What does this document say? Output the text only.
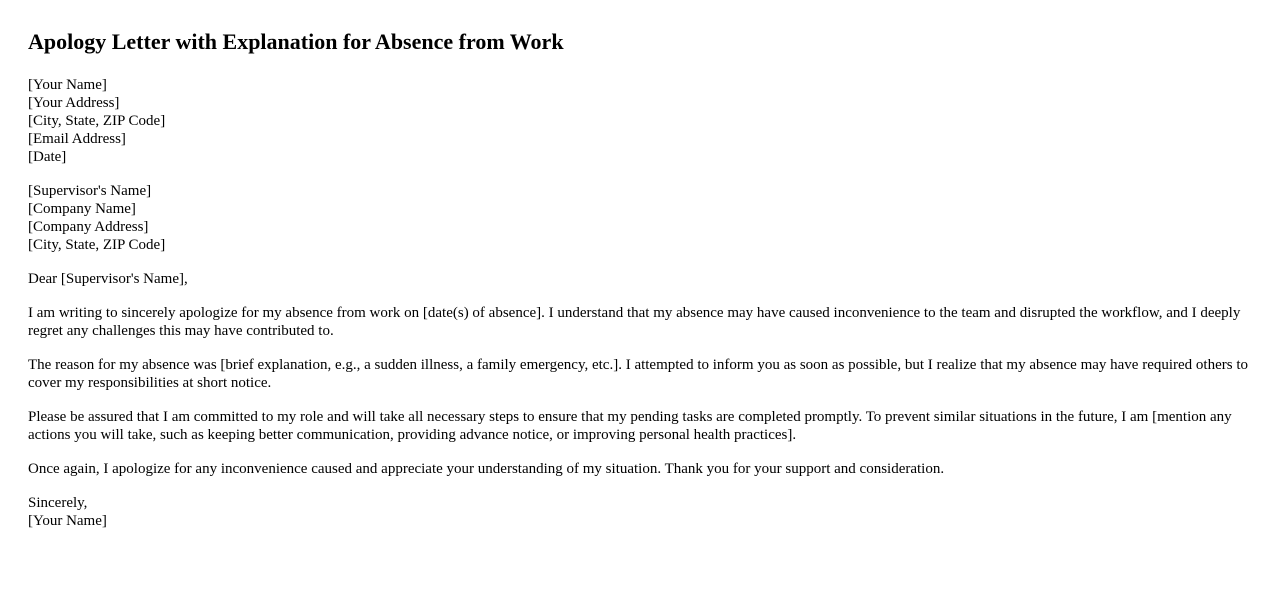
Apology Letter with Explanation for Absence from Work
[Your Name]
[Your Address]
[City, State, ZIP Code]
[Email Address]
[Date]
[Supervisor's Name]
[Company Name]
[Company Address]
[City, State, ZIP Code]

Dear [Supervisor's Name],

I am writing to sincerely apologize for my absence from work on [date(s) of absence]. I understand that my absence may have caused inconvenience to the team and disrupted the workflow, and I deeply regret any challenges this may have contributed to.

The reason for my absence was [brief explanation, e.g., a sudden illness, a family emergency, etc.]. I attempted to inform you as soon as possible, but I realize that my absence may have required others to cover my responsibilities at short notice.

Please be assured that I am committed to my role and will take all necessary steps to ensure that my pending tasks are completed promptly. To prevent similar situations in the future, I am [mention any actions you will take, such as keeping better communication, providing advance notice, or improving personal health practices].

Once again, I apologize for any inconvenience caused and appreciate your understanding of my situation. Thank you for your support and consideration.

Sincerely,
[Your Name]
